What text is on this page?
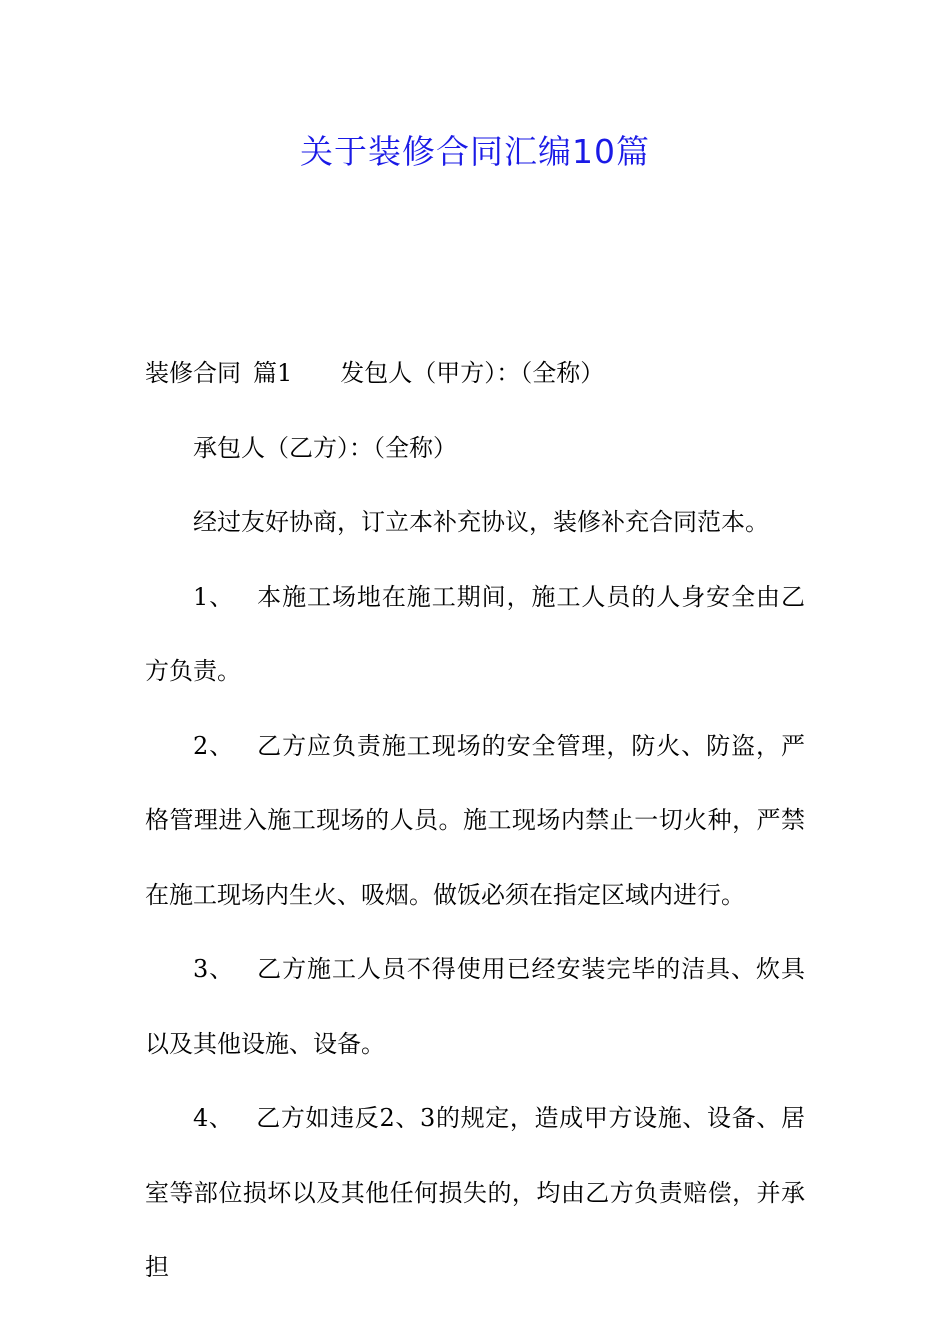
关于装修合同汇编10篇

装修合同 篇1 发包人（甲方）：（全称）

承包人（乙方）：（全称）

经过友好协商，订立本补充协议，装修补充合同范本。

1、 本施工场地在施工期间，施工人员的人身安全由乙方负责。

2、 乙方应负责施工现场的安全管理，防火、防盗，严格管理进入施工现场的人员。施工现场内禁止一切火种，严禁在施工现场内生火、吸烟。做饭必须在指定区域内进行。

3、 乙方施工人员不得使用已经安装完毕的洁具、炊具以及其他设施、设备。

4、 乙方如违反2、3的规定，造成甲方设施、设备、居室等部位损坏以及其他任何损失的，均由乙方负责赔偿，并承担
